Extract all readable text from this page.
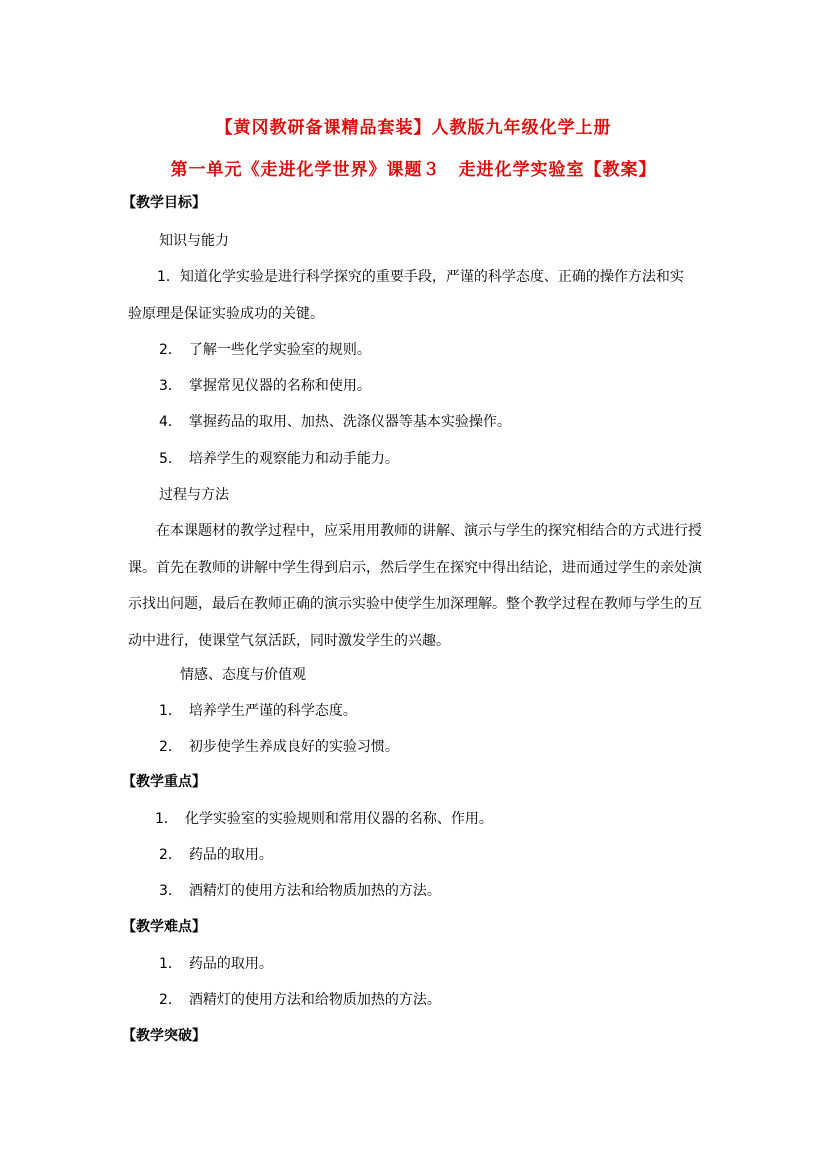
【黄冈教研备课精品套装】人教版九年级化学上册
第一单元《走进化学世界》课题３　走进化学实验室【教案】
【教学目标】
知识与能力
1．知道化学实验是进行科学探究的重要手段，严谨的科学态度、正确的操作方法和实
验原理是保证实验成功的关键。
2．　了解一些化学实验室的规则。
3．　掌握常见仪器的名称和使用。
4．　掌握药品的取用、加热、洗涤仪器等基本实验操作。
5．　培养学生的观察能力和动手能力。
过程与方法
在本课题材的教学过程中，应采用用教师的讲解、演示与学生的探究相结合的方式进行授课。首先在教师的讲解中学生得到启示，然后学生在探究中得出结论，进而通过学生的亲处演示找出问题，最后在教师正确的演示实验中使学生加深理解。整个教学过程在教师与学生的互动中进行，使课堂气氛活跃，同时激发学生的兴趣。
情感、态度与价值观
1．　培养学生严谨的科学态度。
2．　初步使学生养成良好的实验习惯。
【教学重点】
1．　化学实验室的实验规则和常用仪器的名称、作用。
2．　药品的取用。
3．　酒精灯的使用方法和给物质加热的方法。
【教学难点】
1．　药品的取用。
2．　酒精灯的使用方法和给物质加热的方法。
【教学突破】
